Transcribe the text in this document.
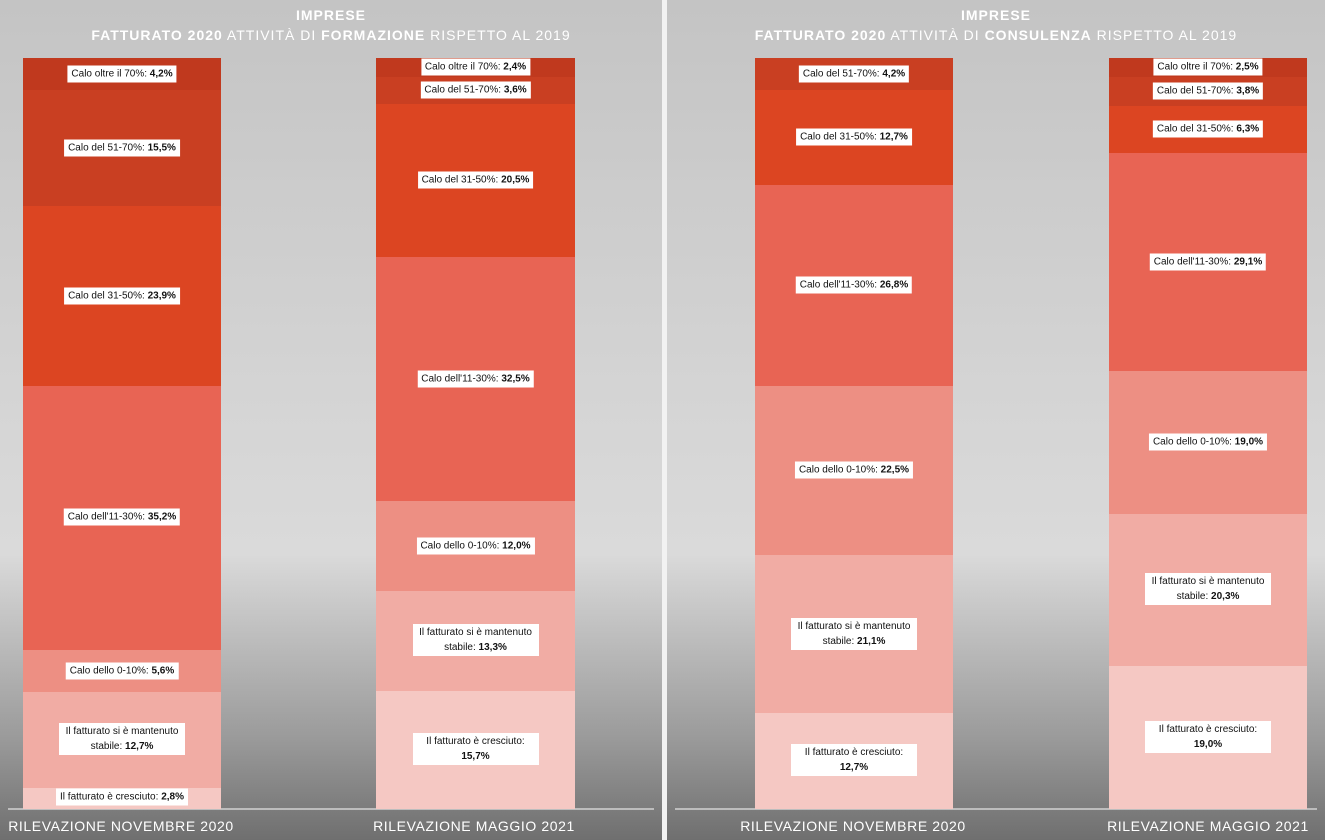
IMPRESE
FATTURATO 2020 ATTIVITÀ DI FORMAZIONE RISPETTO AL 2019
RILEVAZIONE NOVEMBRE 2020	RILEVAZIONE MAGGIO 2021
Il fatturato è cresciuto: 2,8%
Il fatturato si è mantenuto stabile: 12,7%
Calo dello 0-10%: 5,6%
Calo dell'11-30%: 35,2%
Calo del 31-50%: 23,9%
Calo del 51-70%: 15,5%
Calo oltre il 70%: 4,2%
Il fatturato è cresciuto: 15,7%
Il fatturato si è mantenuto stabile: 13,3%
Calo dello 0-10%: 12,0%
Calo dell'11-30%: 32,5%
Calo del 31-50%: 20,5%
Calo del 51-70%: 3,6%
Calo oltre il 70%: 2,4%
IMPRESE
FATTURATO 2020 ATTIVITÀ DI CONSULENZA RISPETTO AL 2019
RILEVAZIONE NOVEMBRE 2020	RILEVAZIONE MAGGIO 2021
Il fatturato è cresciuto: 12,7%
Il fatturato si è mantenuto stabile: 21,1%
Calo dello 0-10%: 22,5%
Calo dell'11-30%: 26,8%
Calo del 31-50%: 12,7%
Calo del 51-70%: 4,2%
Il fatturato è cresciuto: 19,0%
Il fatturato si è mantenuto stabile: 20,3%
Calo dello 0-10%: 19,0%
Calo dell'11-30%: 29,1%
Calo del 31-50%: 6,3%
Calo del 51-70%: 3,8%
Calo oltre il 70%: 2,5%
